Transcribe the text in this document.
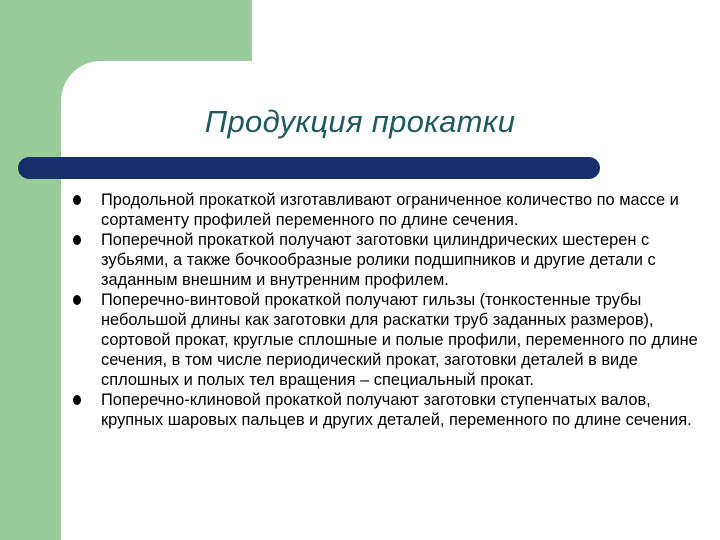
Продукция прокатки

Продольной прокаткой изготавливают ограниченное количество по массе и сортаменту профилей переменного по длине сечения.

Поперечной прокаткой получают заготовки цилиндрических шестерен с зубьями, а также бочкообразные ролики подшипников и другие детали с заданным внешним и внутренним профилем.

Поперечно-винтовой прокаткой получают гильзы (тонкостенные трубы небольшой длины как заготовки для раскатки труб заданных размеров), сортовой прокат, круглые сплошные и полые профили, переменного по длине сечения, в том числе периодический прокат, заготовки деталей в виде сплошных и полых тел вращения – специальный прокат.

Поперечно-клиновой прокаткой получают заготовки ступенчатых валов, крупных шаровых пальцев и других деталей, переменного по длине сечения.
